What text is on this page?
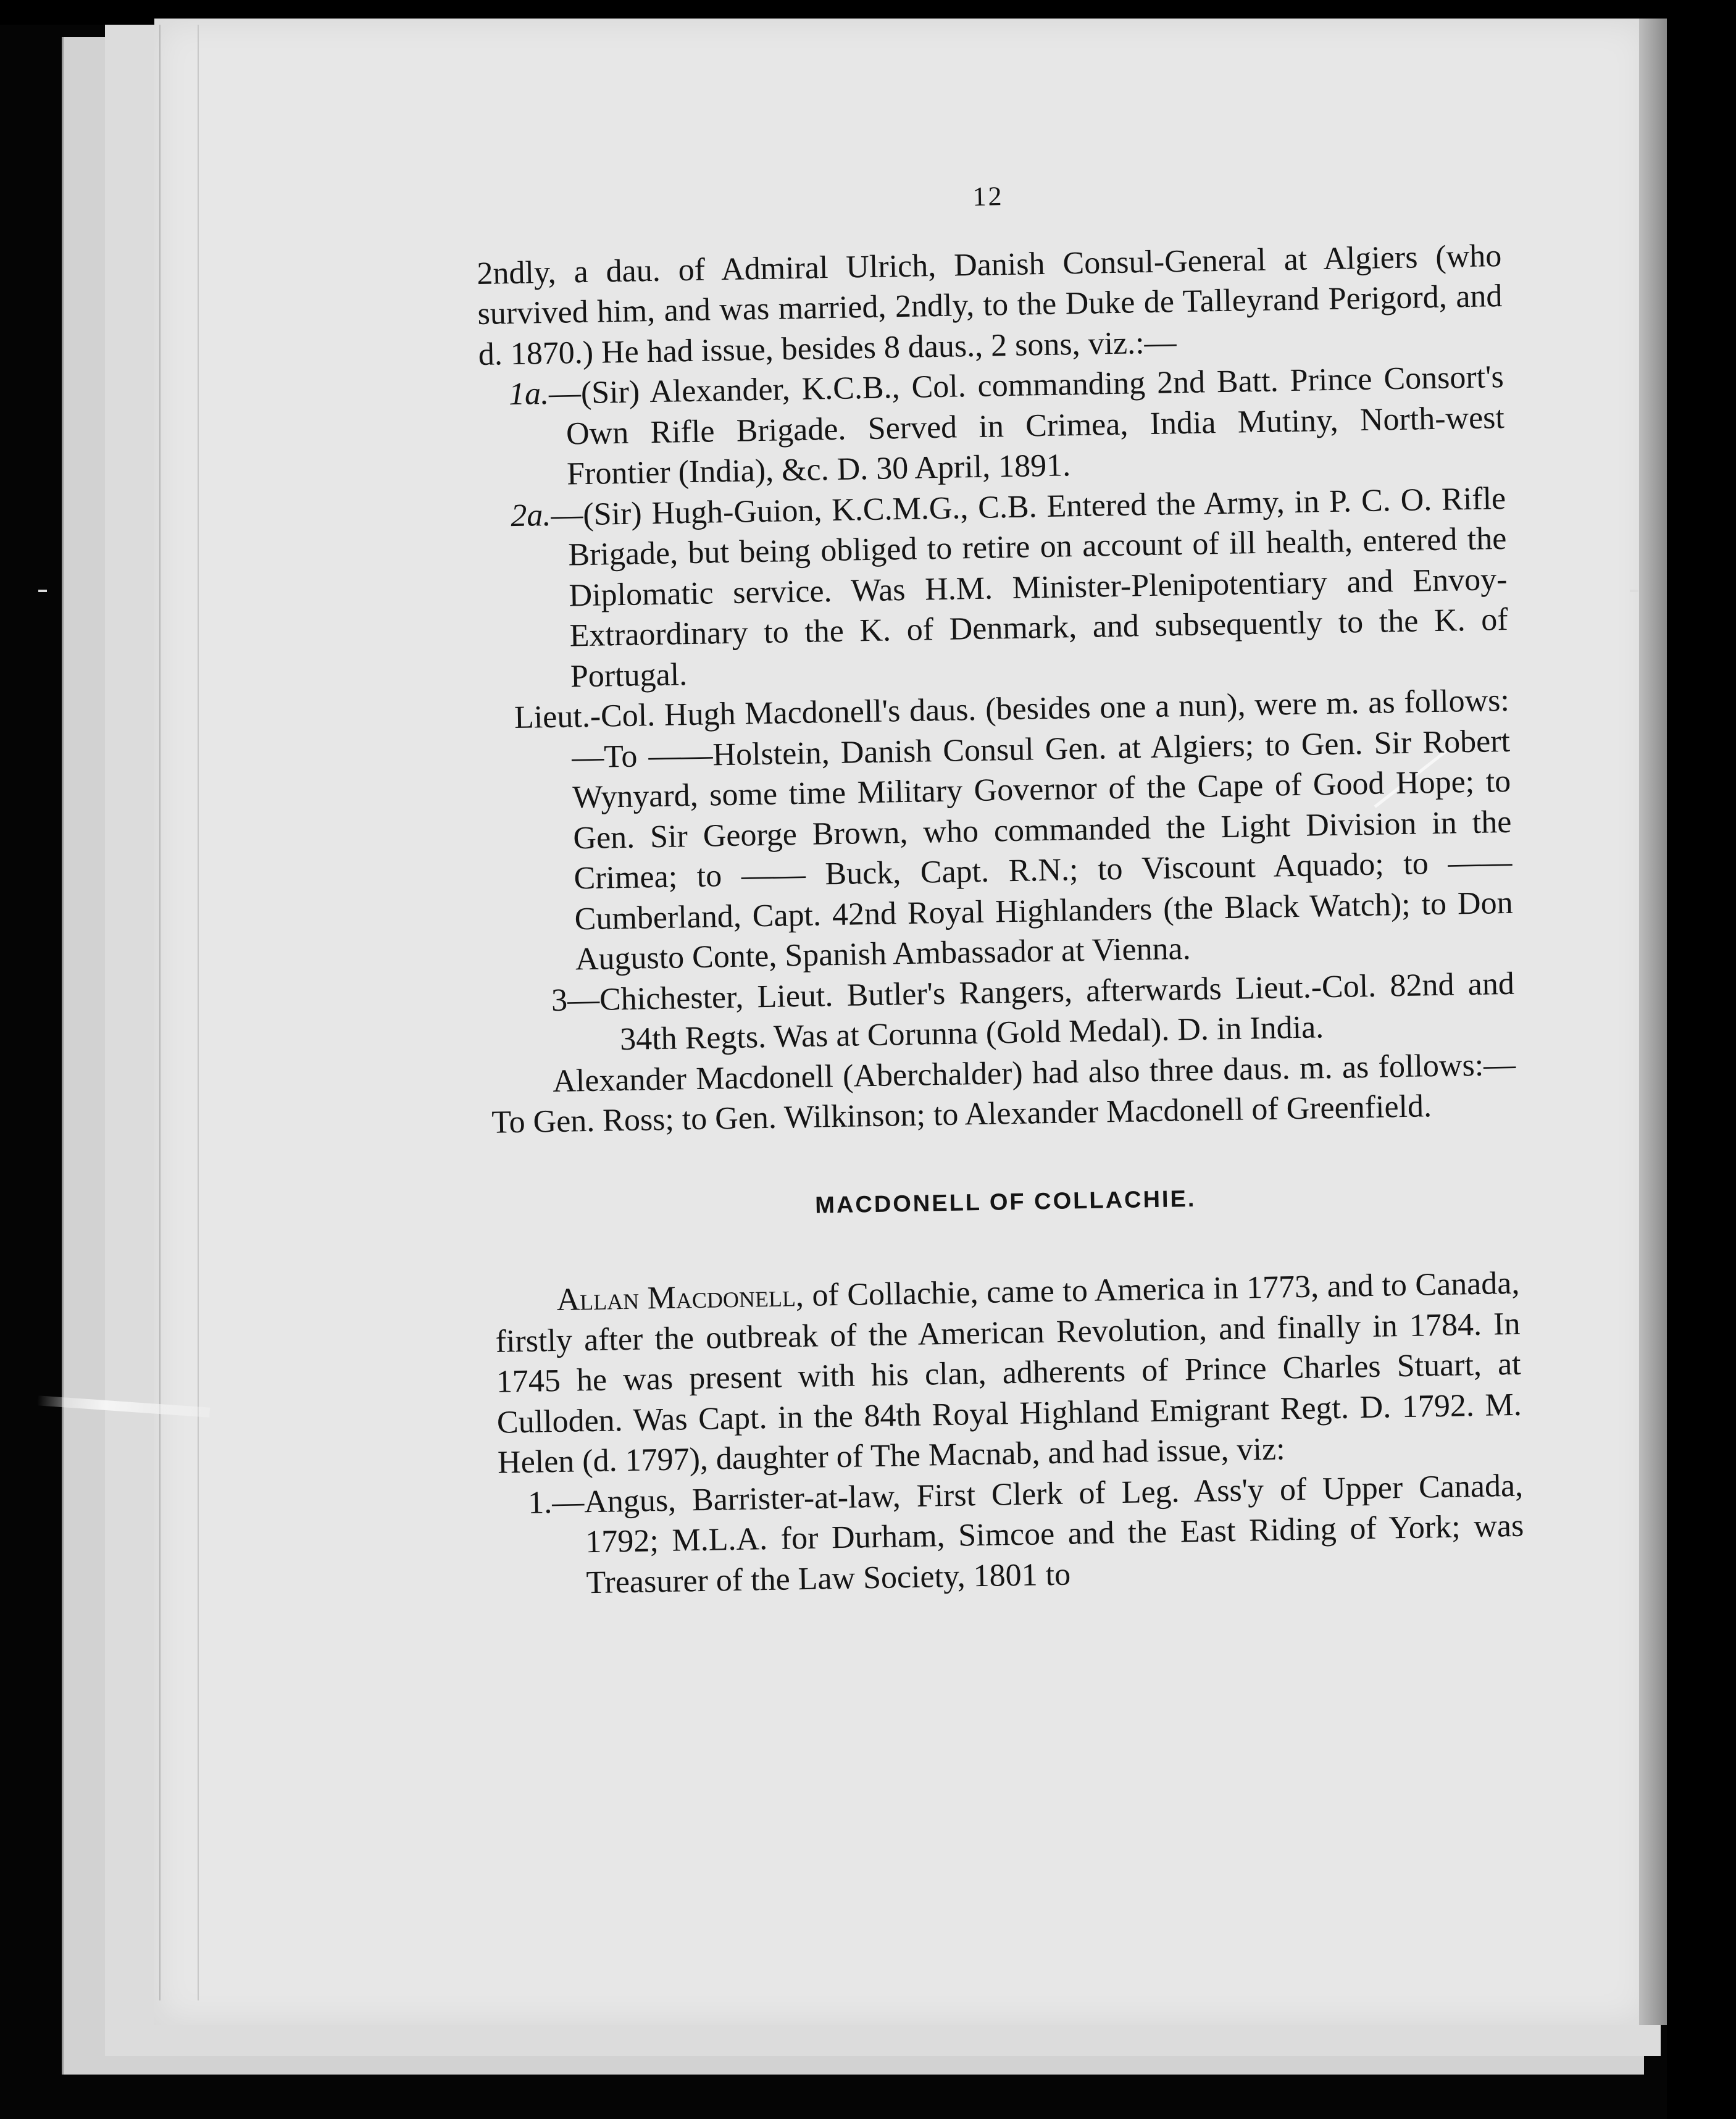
12

2ndly, a dau. of Admiral Ulrich, Danish Consul-General at Algiers (who survived him, and was married, 2ndly, to the Duke de Talleyrand Perigord, and d. 1870.) He had issue, besides 8 daus., 2 sons, viz.:—

1a.—(Sir) Alexander, K.C.B., Col. commanding 2nd Batt. Prince Consort's Own Rifle Brigade. Served in Crimea, India Mutiny, North-west Frontier (India), &c. D. 30 April, 1891.

2a.—(Sir) Hugh-Guion, K.C.M.G., C.B. Entered the Army, in P. C. O. Rifle Brigade, but being obliged to retire on account of ill health, entered the Diplomatic service. Was H.M. Minister-Plenipotentiary and Envoy-Extraordinary to the K. of Denmark, and subsequently to the K. of Portugal.

Lieut.-Col. Hugh Macdonell's daus. (besides one a nun), were m. as follows:—To ——Holstein, Danish Consul Gen. at Algiers; to Gen. Sir Robert Wynyard, some time Military Governor of the Cape of Good Hope; to Gen. Sir George Brown, who commanded the Light Division in the Crimea; to —— Buck, Capt. R.N.; to Viscount Aquado; to —— Cumberland, Capt. 42nd Royal Highlanders (the Black Watch); to Don Augusto Conte, Spanish Ambassador at Vienna.

3—Chichester, Lieut. Butler's Rangers, afterwards Lieut.-Col. 82nd and 34th Regts. Was at Corunna (Gold Medal). D. in India.

Alexander Macdonell (Aberchalder) had also three daus. m. as follows:—To Gen. Ross; to Gen. Wilkinson; to Alexander Macdonell of Greenfield.

MACDONELL OF COLLACHIE.

Allan Macdonell, of Collachie, came to America in 1773, and to Canada, firstly after the outbreak of the American Revolution, and finally in 1784. In 1745 he was present with his clan, adherents of Prince Charles Stuart, at Culloden. Was Capt. in the 84th Royal Highland Emigrant Regt. D. 1792. M. Helen (d. 1797), daughter of The Macnab, and had issue, viz:

1.—Angus, Barrister-at-law, First Clerk of Leg. Ass'y of Upper Canada, 1792; M.L.A. for Durham, Simcoe and the East Riding of York; was Treasurer of the Law Society, 1801 to
